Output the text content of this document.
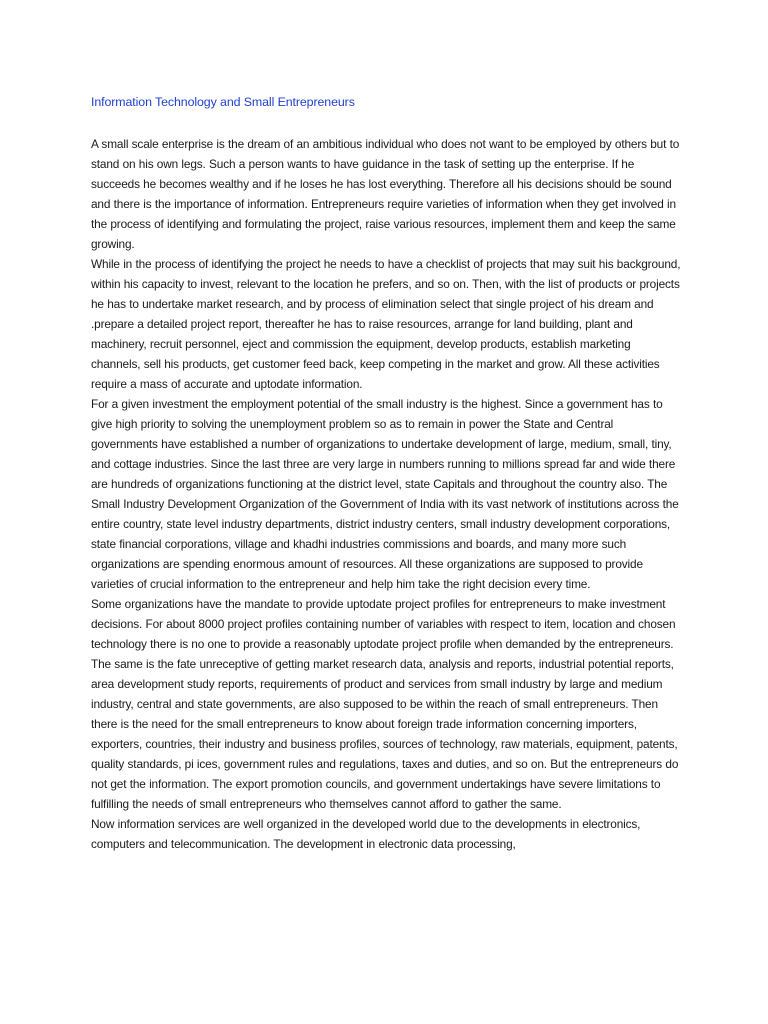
Information Technology and Small Entrepreneurs

A small scale enterprise is the dream of an ambitious individual who does not want to be employed by others but to stand on his own legs. Such a person wants to have guidance in the task of setting up the enterprise. If he succeeds he becomes wealthy and if he loses he has lost everything. Therefore all his decisions should be sound and there is the importance of information. Entrepreneurs require varieties of information when they get involved in the process of identifying and formulating the project, raise various resources, implement them and keep the same growing.

While in the process of identifying the project he needs to have a checklist of projects that may suit his background, within his capacity to invest, relevant to the location he prefers, and so on. Then, with the list of products or projects he has to undertake market research, and by process of elimination select that single project of his dream and .prepare a detailed project report, thereafter he has to raise resources, arrange for land building, plant and machinery, recruit personnel, eject and commission the equipment, develop products, establish marketing channels, sell his products, get customer feed back, keep competing in the market and grow. All these activities require a mass of accurate and uptodate information.

For a given investment the employment potential of the small industry is the highest. Since a government has to give high priority to solving the unemployment problem so as to remain in power the State and Central governments have established a number of organizations to undertake development of large, medium, small, tiny, and cottage industries. Since the last three are very large in numbers running to millions spread far and wide there are hundreds of organizations functioning at the district level, state Capitals and throughout the country also. The Small Industry Development Organization of the Government of India with its vast network of institutions across the entire country, state level industry departments, district industry centers, small industry development corporations, state financial corporations, village and khadhi industries commissions and boards, and many more such organizations are spending enormous amount of resources. All these organizations are supposed to provide varieties of crucial information to the entrepreneur and help him take the right decision every time.

Some organizations have the mandate to provide uptodate project profiles for entrepreneurs to make investment decisions. For about 8000 project profiles containing number of variables with respect to item, location and chosen technology there is no one to provide a reasonably uptodate project profile when demanded by the entrepreneurs. The same is the fate unreceptive of getting market research data, analysis and reports, industrial potential reports, area development study reports, requirements of product and services from small industry by large and medium industry, central and state governments, are also supposed to be within the reach of small entrepreneurs. Then there is the need for the small entrepreneurs to know about foreign trade information concerning importers, exporters, countries, their industry and business profiles, sources of technology, raw materials, equipment, patents, quality standards, pi ices, government rules and regulations, taxes and duties, and so on. But the entrepreneurs do not get the information. The export promotion councils, and government undertakings have severe limitations to fulfilling the needs of small entrepreneurs who themselves cannot afford to gather the same.

Now information services are well organized in the developed world due to the developments in electronics, computers and telecommunication. The development in electronic data processing,
